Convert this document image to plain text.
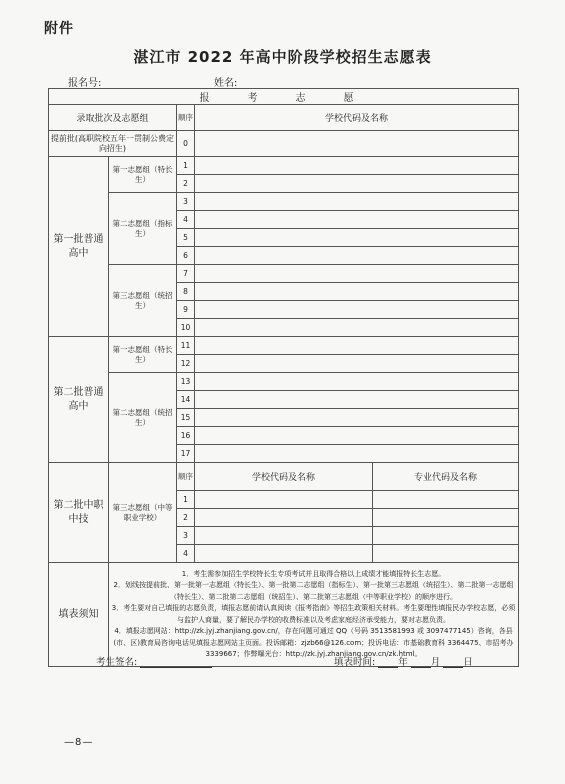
附件
湛江市 2022 年高中阶段学校招生志愿表
报名号:	姓名:
报　考　志　愿				
录取批次及志愿组		顺序	学校代码及名称	
提前批(高职院校五年一贯制公费定向招生)		0		
第一批普通高中	第一志愿组（特长生）	1		
		2		
	第二志愿组（指标生）	3		
		4		
		5		
		6		
	第三志愿组（统招生）	7		
		8		
		9		
		10		
第二批普通高中	第一志愿组（特长生）	11		
		12		
	第二志愿组（统招生）	13		
		14		
		15		
		16		
		17		
第二批中职中技	第三志愿组（中等职业学校）	顺序	学校代码及名称	专业代码及名称
		1		
		2		
		3		
		4		
填表须知	1．考生需参加招生学校特长生专项考试并且取得合格以上成绩才能填报特长生志愿。
2．划线按提前批、第一批第一志愿组（特长生）、第一批第二志愿组（指标生）、第一批第三志愿组（统招生）、第二批第一志愿组（特长生）、第二批第二志愿组（统招生）、第二批第三志愿组（中等职业学校）的顺序进行。
3．考生要对自己填报的志愿负责，填报志愿前请认真阅读《报考指南》等招生政策相关材料。考生要理性填报民办学校志愿，必须与监护人商量，要了解民办学校的收费标准以及考虑家庭经济承受能力，要对志愿负责。
4．填报志愿网站：http://zk.jyj.zhanjiang.gov.cn/，存在问题可通过 QQ（号码 3513581993 或 3097477145）咨询，各县(市、区)教育局咨询电话见填报志愿网站主页面。投诉邮箱：zjzb66@126.com；投诉电话：市基础教育科 3364475、市招考办 3339667；作弊曝光台：http://zk.jyj.zhanjiang.gov.cn/zk.html。			
考生签名:	填表时间: 年 月 日
—8—
